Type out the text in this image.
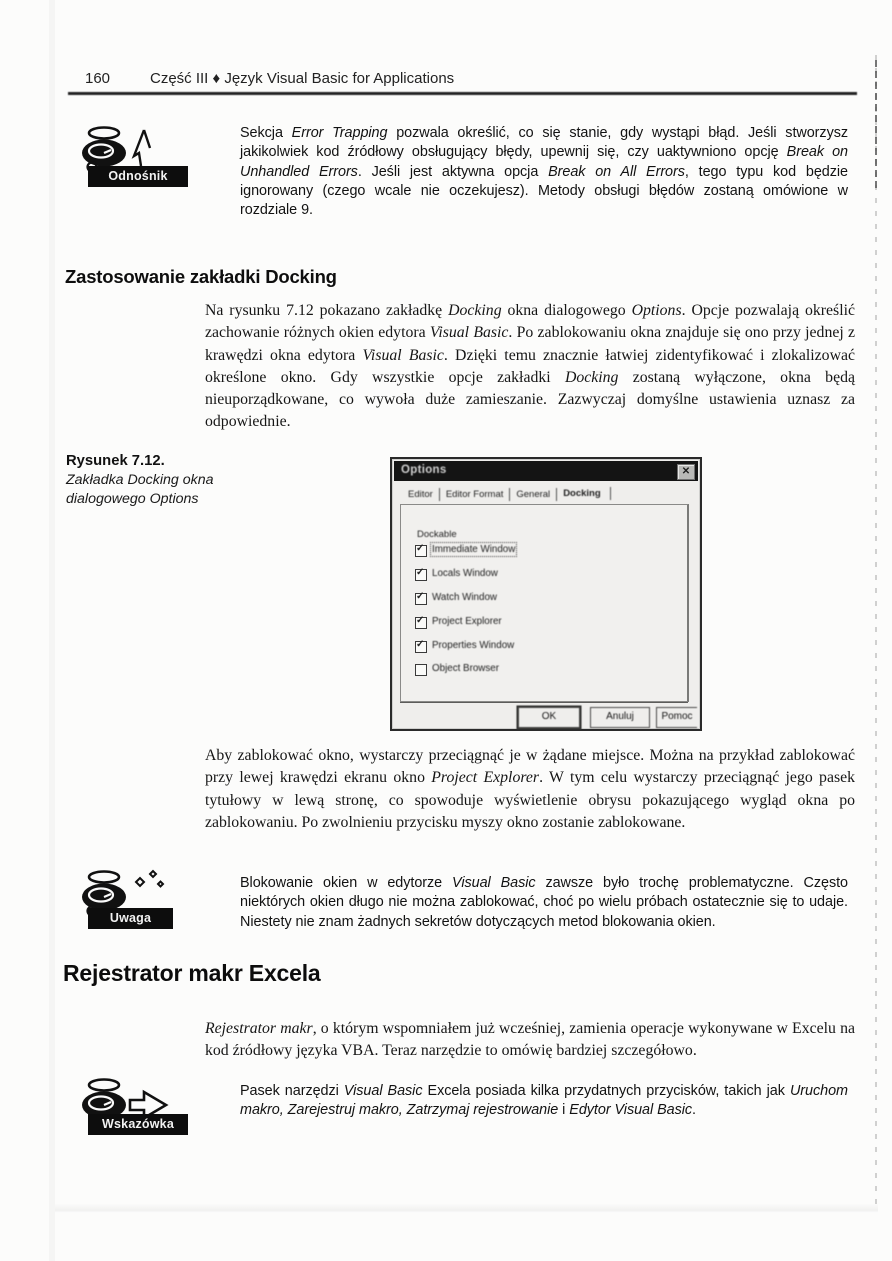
160	Część III ♦ Język Visual Basic for Applications
Odnośnik
Sekcja Error Trapping pozwala określić, co się stanie, gdy wystąpi błąd. Jeśli stworzysz jakikolwiek kod źródłowy obsługujący błędy, upewnij się, czy uaktywniono opcję Break on Unhandled Errors. Jeśli jest aktywna opcja Break on All Errors, tego typu kod będzie ignorowany (czego wcale nie oczekujesz). Metody obsługi błędów zostaną omówione w rozdziale 9.
Zastosowanie zakładki Docking
Na rysunku 7.12 pokazano zakładkę Docking okna dialogowego Options. Opcje pozwalają określić zachowanie różnych okien edytora Visual Basic. Po zablokowaniu okna znajduje się ono przy jednej z krawędzi okna edytora Visual Basic. Dzięki temu znacznie łatwiej zidentyfikować i zlokalizować określone okno. Gdy wszystkie opcje zakładki Docking zostaną wyłączone, okna będą nieuporządkowane, co wywoła duże zamieszanie. Zazwyczaj domyślne ustawienia uznasz za odpowiednie.
Rysunek 7.12.
Zakładka Docking okna dialogowego Options
Options	✕
Editor Editor Format General Docking
Dockable
✓
Immediate Window
✓
Locals Window
✓
Watch Window
✓
Project Explorer
✓
Properties Window
Object Browser
OK	Anuluj	Pomoc
Aby zablokować okno, wystarczy przeciągnąć je w żądane miejsce. Można na przykład zablokować przy lewej krawędzi ekranu okno Project Explorer. W tym celu wystarczy przeciągnąć jego pasek tytułowy w lewą stronę, co spowoduje wyświetlenie obrysu pokazującego wygląd okna po zablokowaniu. Po zwolnieniu przycisku myszy okno zostanie zablokowane.
Uwaga
Blokowanie okien w edytorze Visual Basic zawsze było trochę problematyczne. Często niektórych okien długo nie można zablokować, choć po wielu próbach ostatecznie się to udaje. Niestety nie znam żadnych sekretów dotyczących metod blokowania okien.
Rejestrator makr Excela
Rejestrator makr, o którym wspomniałem już wcześniej, zamienia operacje wykonywane w Excelu na kod źródłowy języka VBA. Teraz narzędzie to omówię bardziej szczegółowo.
Wskazówka
Pasek narzędzi Visual Basic Excela posiada kilka przydatnych przycisków, takich jak Uruchom makro, Zarejestruj makro, Zatrzymaj rejestrowanie i Edytor Visual Basic.
